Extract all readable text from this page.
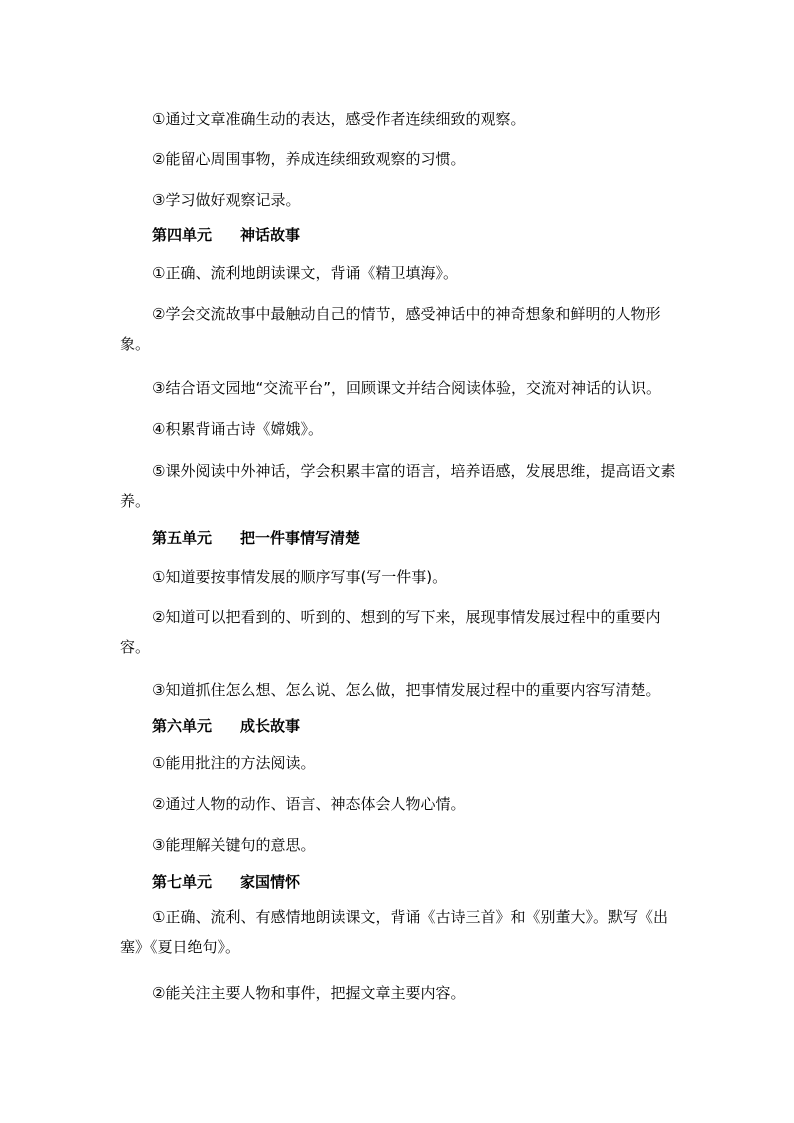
①通过文章准确生动的表达，感受作者连续细致的观察。
②能留心周围事物，养成连续细致观察的习惯。
③学习做好观察记录。
第四单元 神话故事
①正确、流利地朗读课文，背诵《精卫填海》。
②学会交流故事中最触动自己的情节，感受神话中的神奇想象和鲜明的人物形象。
③结合语文园地“交流平台”，回顾课文并结合阅读体验，交流对神话的认识。
④积累背诵古诗《嫦娥》。
⑤课外阅读中外神话，学会积累丰富的语言，培养语感，发展思维，提高语文素养。
第五单元 把一件事情写清楚
①知道要按事情发展的顺序写事(写一件事)。
②知道可以把看到的、听到的、想到的写下来，展现事情发展过程中的重要内容。
③知道抓住怎么想、怎么说、怎么做，把事情发展过程中的重要内容写清楚。
第六单元 成长故事
①能用批注的方法阅读。
②通过人物的动作、语言、神态体会人物心情。
③能理解关键句的意思。
第七单元 家国情怀
①正确、流利、有感情地朗读课文，背诵《古诗三首》和《别董大》。默写《出塞》《夏日绝句》。
②能关注主要人物和事件，把握文章主要内容。
